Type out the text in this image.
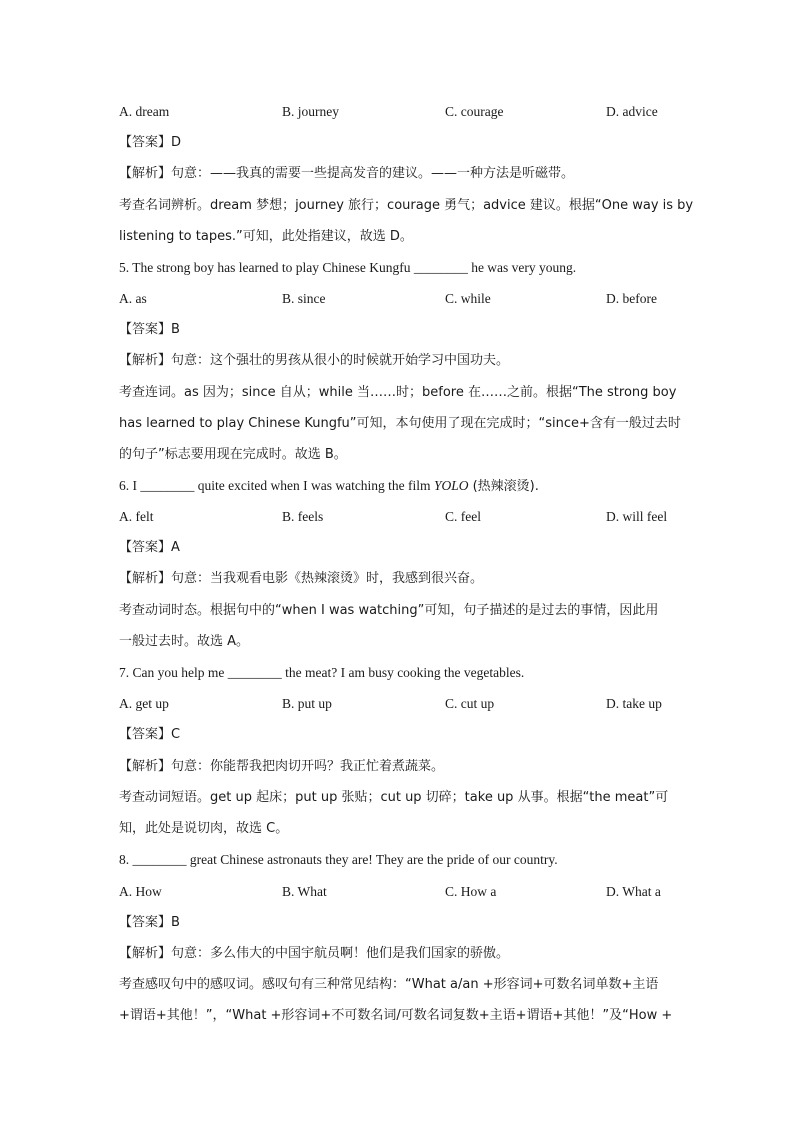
A. dream	B. journey	C. courage	D. advice
【答案】D
【解析】句意：——我真的需要一些提高发音的建议。——一种方法是听磁带。
考查名词辨析。dream 梦想；journey 旅行；courage 勇气；advice 建议。根据“One way is by
listening to tapes.”可知，此处指建议，故选 D。
5. The strong boy has learned to play Chinese Kungfu ________ he was very young.
A. as	B. since	C. while	D. before
【答案】B
【解析】句意：这个强壮的男孩从很小的时候就开始学习中国功夫。
考查连词。as 因为；since 自从；while 当……时；before 在……之前。根据“The strong boy
has learned to play Chinese Kungfu”可知，本句使用了现在完成时；“since+含有一般过去时
的句子”标志要用现在完成时。故选 B。
6. I ________ quite excited when I was watching the film YOLO (热辣滚烫).
A. felt	B. feels	C. feel	D. will feel
【答案】A
【解析】句意：当我观看电影《热辣滚烫》时，我感到很兴奋。
考查动词时态。根据句中的“when I was watching”可知，句子描述的是过去的事情，因此用
一般过去时。故选 A。
7. Can you help me ________ the meat? I am busy cooking the vegetables.
A. get up	B. put up	C. cut up	D. take up
【答案】C
【解析】句意：你能帮我把肉切开吗？我正忙着煮蔬菜。
考查动词短语。get up 起床；put up 张贴；cut up 切碎；take up 从事。根据“the meat”可
知，此处是说切肉，故选 C。
8. ________ great Chinese astronauts they are! They are the pride of our country.
A. How	B. What	C. How a	D. What a
【答案】B
【解析】句意：多么伟大的中国宇航员啊！他们是我们国家的骄傲。
考查感叹句中的感叹词。感叹句有三种常见结构：“What a/an +形容词+可数名词单数+主语
+谓语+其他！”，“What +形容词+不可数名词/可数名词复数+主语+谓语+其他！”及“How +
